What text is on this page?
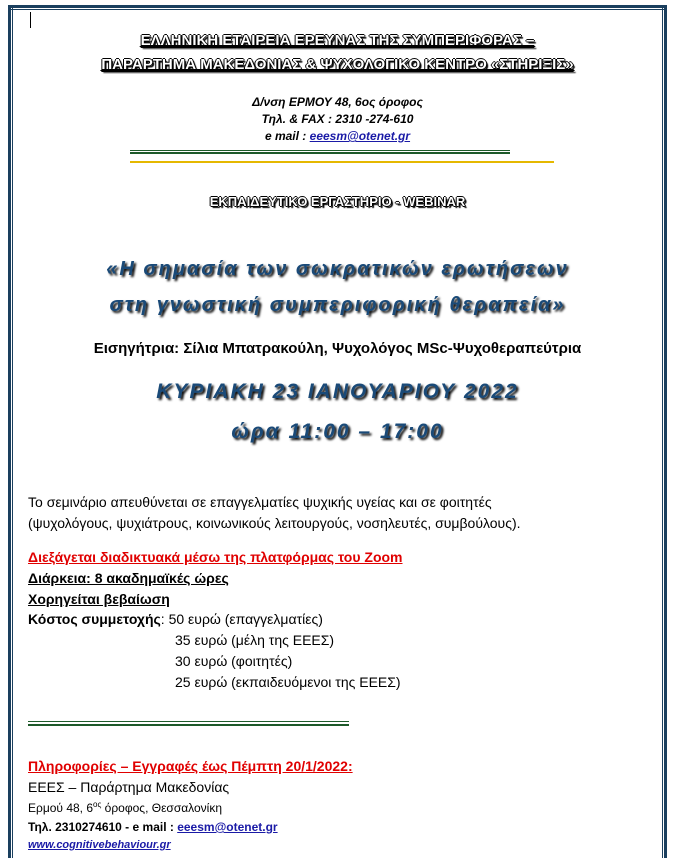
ΕΛΛΗΝΙΚΗ ΕΤΑΙΡΕΙΑ ΕΡΕΥΝΑΣ ΤΗΣ ΣΥΜΠΕΡΙΦΟΡΑΣ –
ΠΑΡΑΡΤΗΜΑ ΜΑΚΕΔΟΝΙΑΣ & ΨΥΧΟΛΟΓΙΚΟ ΚΕΝΤΡΟ «ΣΤΗΡΙΞΙΣ»
Δ/νση ΕΡΜΟΥ 48, 6ος όροφος
Τηλ. & FAX : 2310 -274-610
e mail : eeesm@otenet.gr
ΕΚΠΑΙΔΕΥΤΙΚΟ ΕΡΓΑΣΤΗΡΙΟ - WEBINAR
«Η σημασία των σωκρατικών ερωτήσεων
στη γνωστική συμπεριφορική θεραπεία»
Εισηγήτρια: Σίλια Μπατρακούλη, Ψυχολόγος MSc-Ψυχοθεραπεύτρια
ΚΥΡΙΑΚΗ 23 ΙΑΝΟΥΑΡΙΟΥ 2022
ώρα 11:00 – 17:00
Το σεμινάριο απευθύνεται σε επαγγελματίες ψυχικής υγείας και σε φοιτητές
(ψυχολόγους, ψυχιάτρους, κοινωνικούς λειτουργούς, νοσηλευτές, συμβούλους).
Διεξάγεται διαδικτυακά μέσω της πλατφόρμας του Zoom
Διάρκεια: 8 ακαδημαϊκές ώρες
Χορηγείται βεβαίωση
Κόστος συμμετοχής: 50 ευρώ (επαγγελματίες)
35 ευρώ (μέλη της ΕΕΕΣ)
30 ευρώ (φοιτητές)
25 ευρώ (εκπαιδευόμενοι της ΕΕΕΣ)
Πληροφορίες – Εγγραφές έως Πέμπτη 20/1/2022:
ΕΕΕΣ – Παράρτημα Μακεδονίας
Ερμού 48, $6^{o\varsigma}$ όροφος, Θεσσαλονίκη
Τηλ. 2310274610 - e mail : eeesm@otenet.gr
www.cognitivebehaviour.gr
